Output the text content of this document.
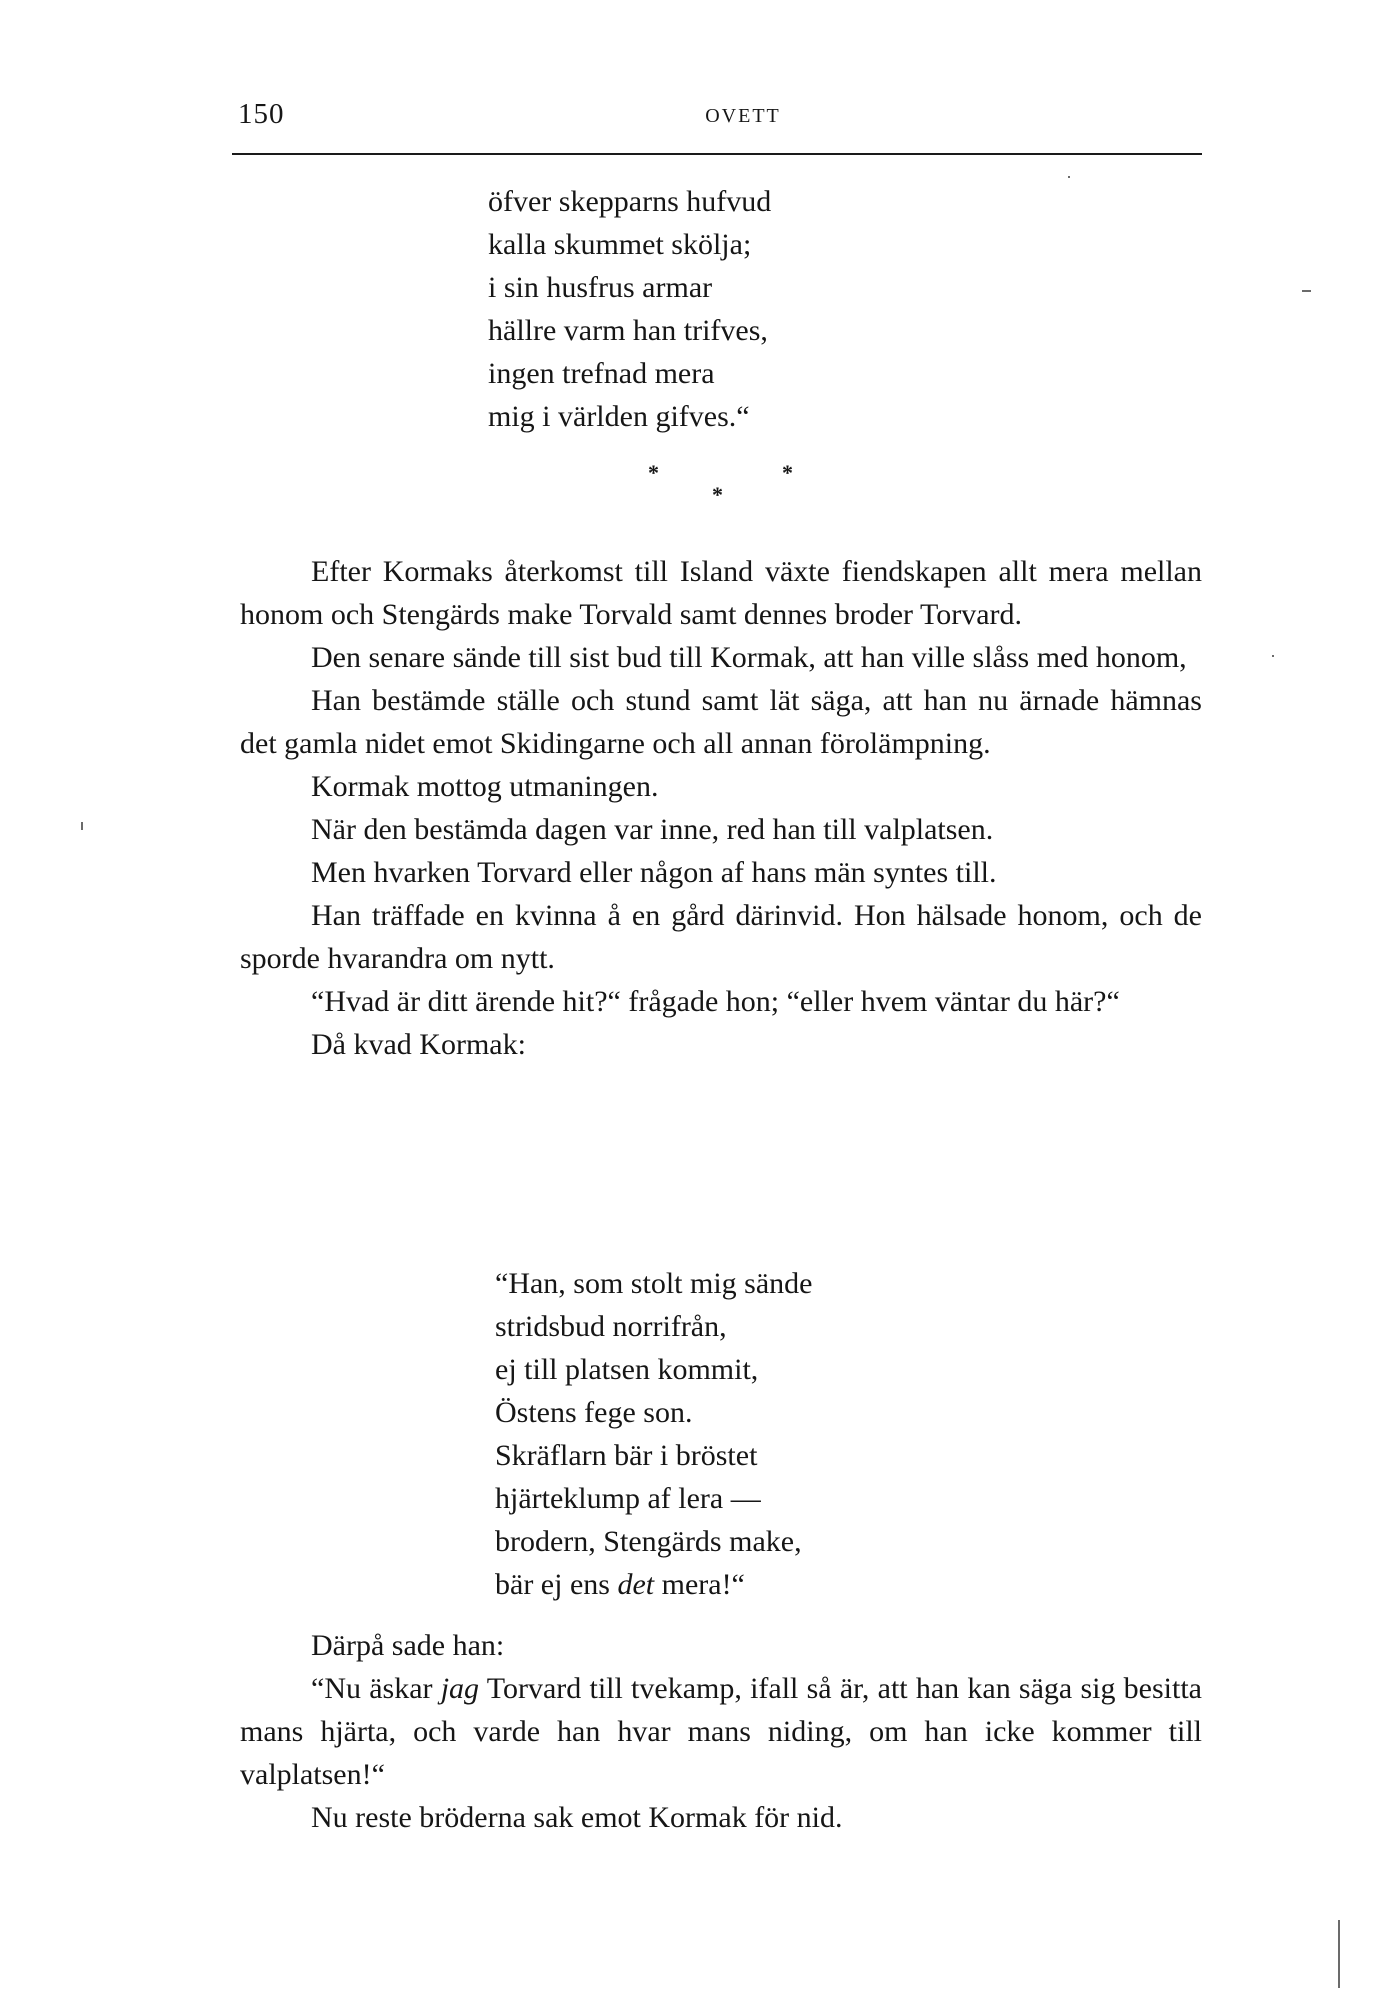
150	OVETT
öfver skepparns hufvud
kalla skummet skölja;
i sin husfrus armar
hällre varm han trifves,
ingen trefnad mera
mig i världen gifves.“
*	*
*

Efter Kormaks återkomst till Island växte fiendskapen allt mera mellan honom och Stengärds make Torvald samt dennes broder Torvard.

Den senare sände till sist bud till Kormak, att han ville slåss med honom,

Han bestämde ställe och stund samt lät säga, att han nu ärnade hämnas det gamla nidet emot Skidingarne och all annan förolämpning.

Kormak mottog utmaningen.

När den bestämda dagen var inne, red han till valplatsen.

Men hvarken Torvard eller någon af hans män syntes till.

Han träffade en kvinna å en gård därinvid. Hon hälsade honom, och de sporde hvarandra om nytt.

“Hvad är ditt ärende hit?“ frågade hon; “eller hvem väntar du här?“

Då kvad Kormak:

“Han, som stolt mig sände
stridsbud norrifrån,
ej till platsen kommit,
Östens fege son.
Skräflarn bär i bröstet
hjärteklump af lera —
brodern, Stengärds make,
bär ej ens det mera!“

Därpå sade han:

“Nu äskar jag Torvard till tvekamp, ifall så är, att han kan säga sig besitta mans hjärta, och varde han hvar mans niding, om han icke kommer till valplatsen!“

Nu reste bröderna sak emot Kormak för nid.
